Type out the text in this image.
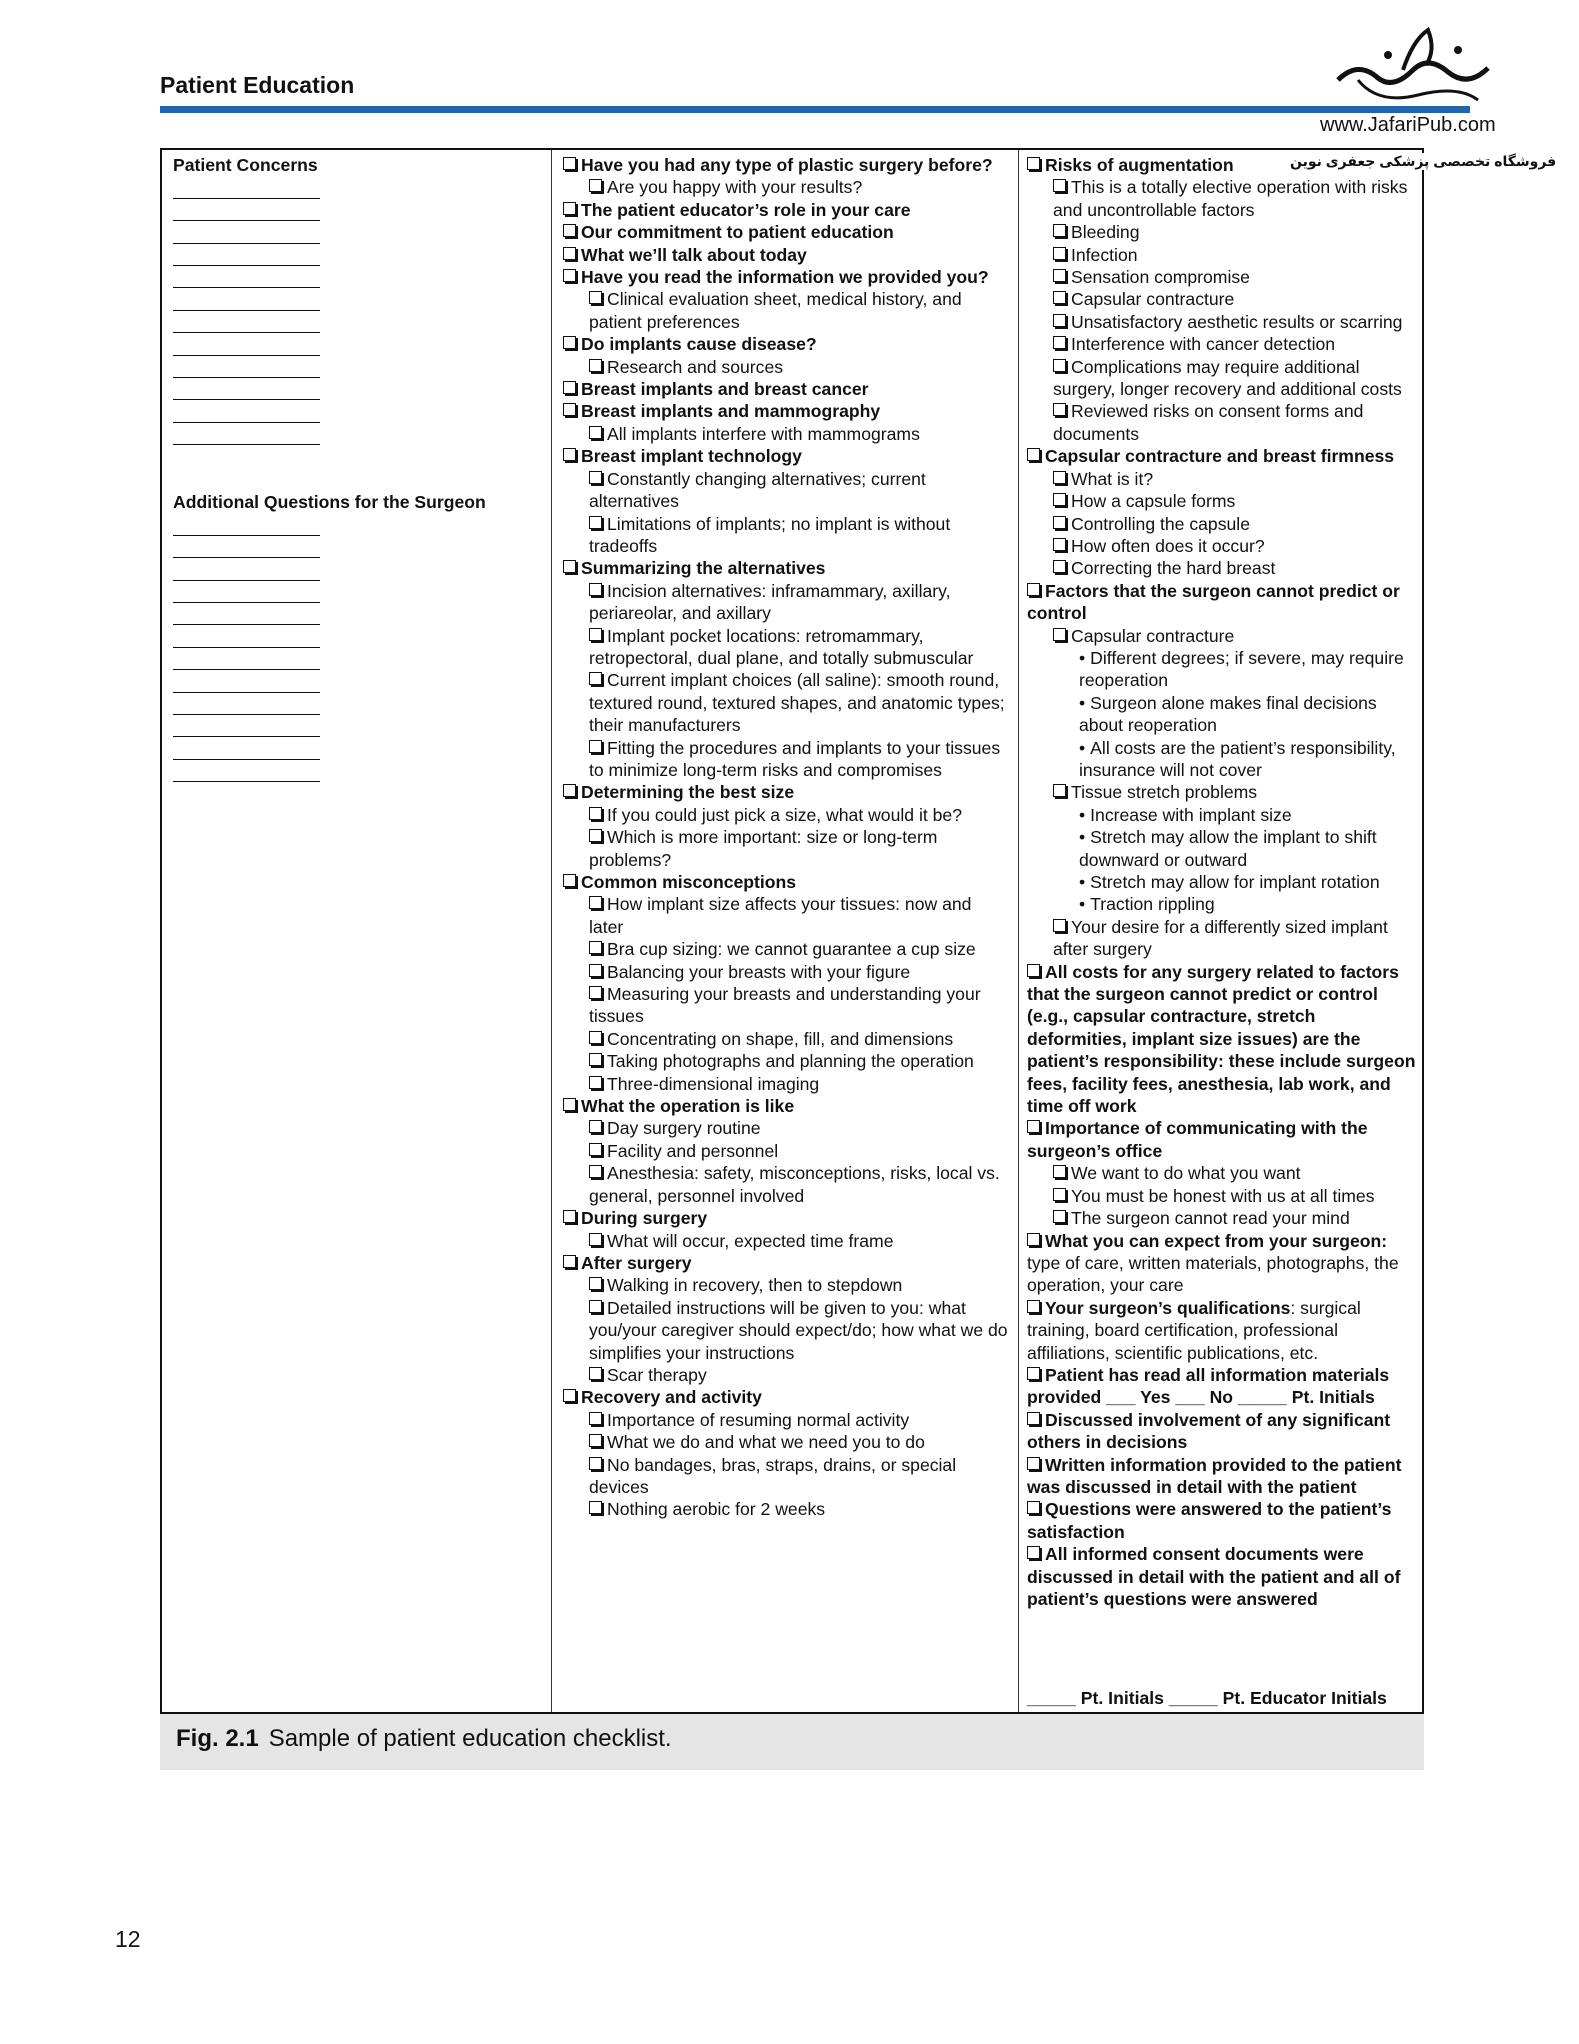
Patient Education
www.JafariPub.com
Patient Concerns
Additional Questions for the Surgeon
Have you had any type of plastic surgery before?
Are you happy with your results?
The patient educator’s role in your care
Our commitment to patient education
What we’ll talk about today
Have you read the information we provided you?
Clinical evaluation sheet, medical history, and patient preferences
Do implants cause disease?
Research and sources
Breast implants and breast cancer
Breast implants and mammography
All implants interfere with mammograms
Breast implant technology
Constantly changing alternatives; current alternatives
Limitations of implants; no implant is without tradeoffs
Summarizing the alternatives
Incision alternatives: inframammary, axillary, periareolar, and axillary
Implant pocket locations: retromammary, retropectoral, dual plane, and totally submuscular
Current implant choices (all saline): smooth round, textured round, textured shapes, and anatomic types; their manufacturers
Fitting the procedures and implants to your tissues to minimize long-term risks and compromises
Determining the best size
If you could just pick a size, what would it be?
Which is more important: size or long-term problems?
Common misconceptions
How implant size affects your tissues: now and later
Bra cup sizing: we cannot guarantee a cup size
Balancing your breasts with your figure
Measuring your breasts and understanding your tissues
Concentrating on shape, fill, and dimensions
Taking photographs and planning the operation
Three-dimensional imaging
What the operation is like
Day surgery routine
Facility and personnel
Anesthesia: safety, misconceptions, risks, local vs. general, personnel involved
During surgery
What will occur, expected time frame
After surgery
Walking in recovery, then to stepdown
Detailed instructions will be given to you: what you/your caregiver should expect/do; how what we do simplifies your instructions
Scar therapy
Recovery and activity
Importance of resuming normal activity
What we do and what we need you to do
No bandages, bras, straps, drains, or special devices
Nothing aerobic for 2 weeks
Risks of augmentation
This is a totally elective operation with risks and uncontrollable factors
Bleeding
Infection
Sensation compromise
Capsular contracture
Unsatisfactory aesthetic results or scarring
Interference with cancer detection
Complications may require additional surgery, longer recovery and additional costs
Reviewed risks on consent forms and documents
Capsular contracture and breast firmness
What is it?
How a capsule forms
Controlling the capsule
How often does it occur?
Correcting the hard breast
Factors that the surgeon cannot predict or control
Capsular contracture
• Different degrees; if severe, may require reoperation
• Surgeon alone makes final decisions about reoperation
• All costs are the patient’s responsibility, insurance will not cover
Tissue stretch problems
• Increase with implant size
• Stretch may allow the implant to shift downward or outward
• Stretch may allow for implant rotation
• Traction rippling
Your desire for a differently sized implant after surgery
All costs for any surgery related to factors that the surgeon cannot predict or control (e.g., capsular contracture, stretch deformities, implant size issues) are the patient’s responsibility: these include surgeon fees, facility fees, anesthesia, lab work, and time off work
Importance of communicating with the surgeon’s office
We want to do what you want
You must be honest with us at all times
The surgeon cannot read your mind
What you can expect from your surgeon: type of care, written materials, photographs, the operation, your care
Your surgeon’s qualifications: surgical training, board certification, professional affiliations, scientific publications, etc.
Patient has read all information materials provided ___ Yes ___ No _____ Pt. Initials
Discussed involvement of any significant others in decisions
Written information provided to the patient was discussed in detail with the patient
Questions were answered to the patient’s satisfaction
All informed consent documents were discussed in detail with the patient and all of patient’s questions were answered
_____ Pt. Initials _____ Pt. Educator Initials
فروشگاه تخصصی پزشکی جعفری نوین
Fig. 2.1 Sample of patient education checklist.
12
